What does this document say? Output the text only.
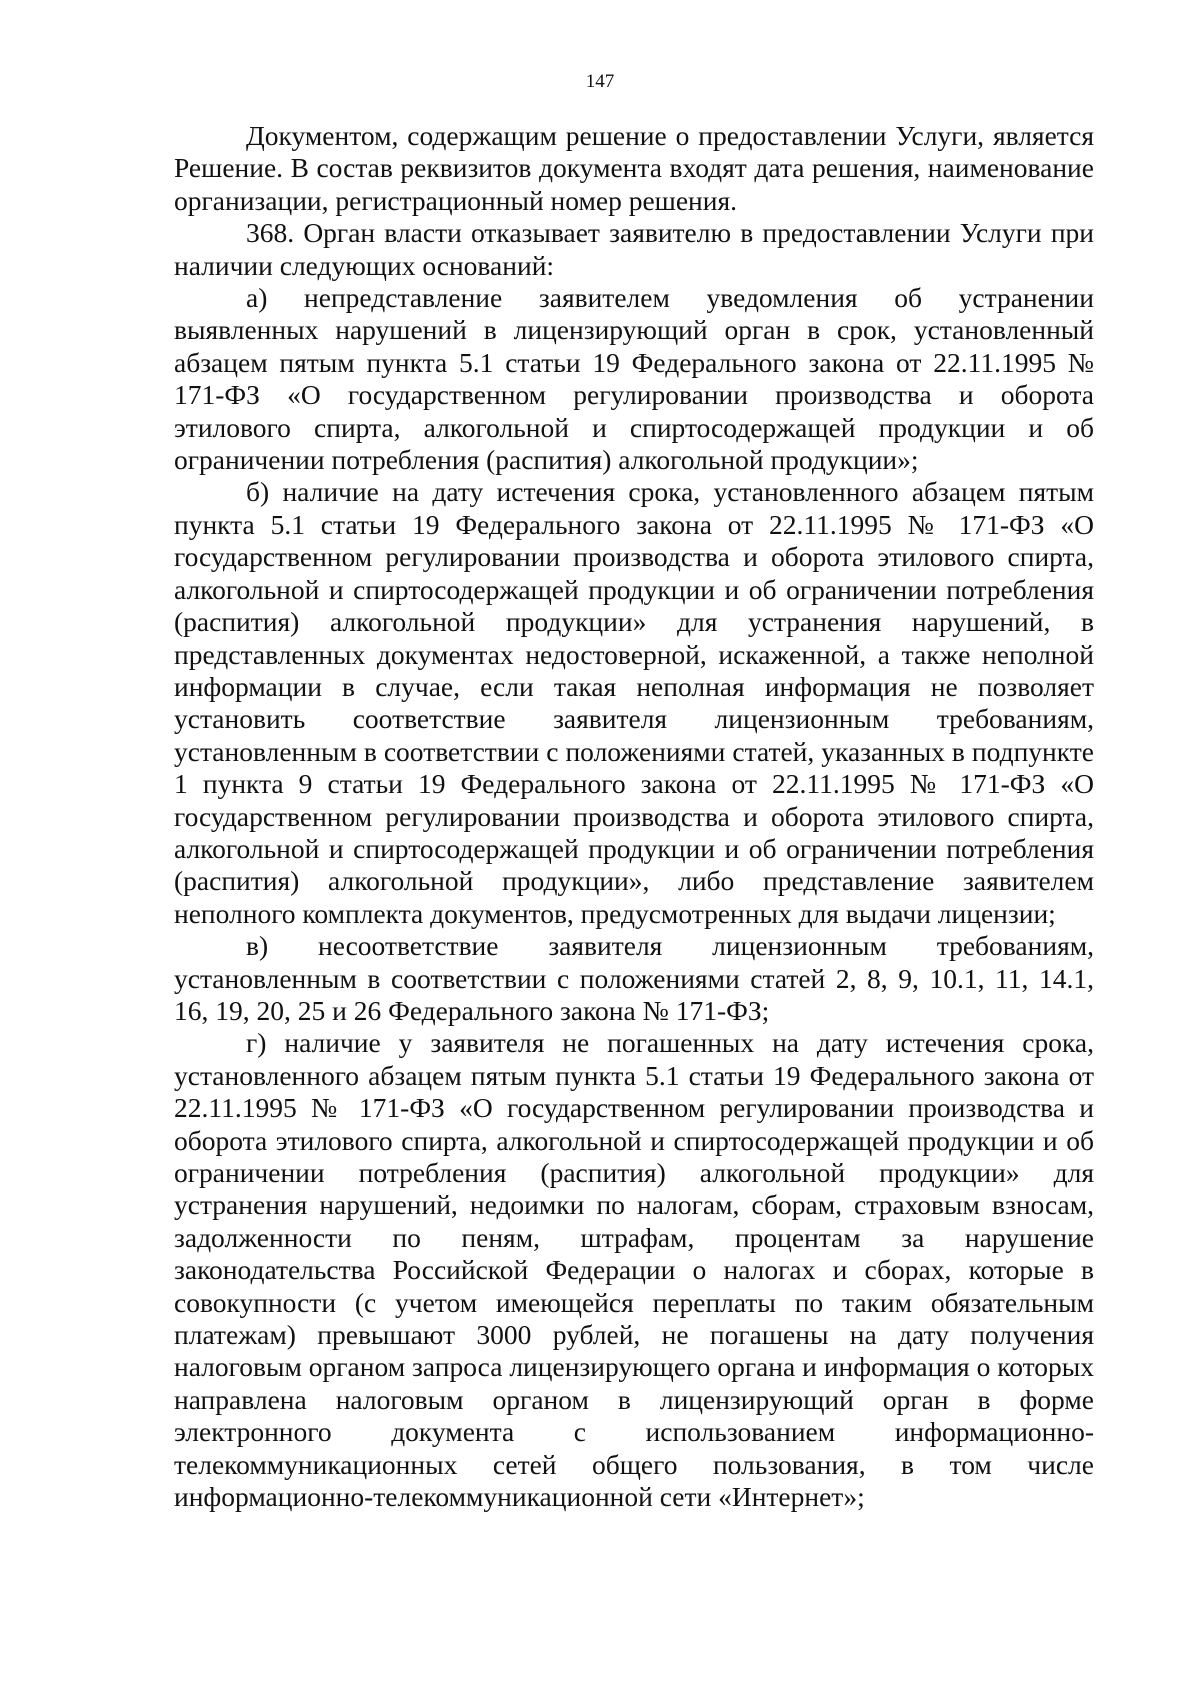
147

Документом, содержащим решение о предоставлении Услуги, является Решение. В состав реквизитов документа входят дата решения, наименование организации, регистрационный номер решения.

368. Орган власти отказывает заявителю в предоставлении Услуги при наличии следующих оснований:

а) непредставление заявителем уведомления об устранении выявленных нарушений в лицензирующий орган в срок, установленный абзацем пятым пункта 5.1 статьи 19 Федерального закона от 22.11.1995 № 171-ФЗ «О государственном регулировании производства и оборота этилового спирта, алкогольной и спиртосодержащей продукции и об ограничении потребления (распития) алкогольной продукции»;

б) наличие на дату истечения срока, установленного абзацем пятым пункта 5.1 статьи 19 Федерального закона от 22.11.1995 № 171-ФЗ «О государственном регулировании производства и оборота этилового спирта, алкогольной и спиртосодержащей продукции и об ограничении потребления (распития) алкогольной продукции» для устранения нарушений, в представленных документах недостоверной, искаженной, а также неполной информации в случае, если такая неполная информация не позволяет установить соответствие заявителя лицензионным требованиям, установленным в соответствии с положениями статей, указанных в подпункте 1 пункта 9 статьи 19 Федерального закона от 22.11.1995 № 171-ФЗ «О государственном регулировании производства и оборота этилового спирта, алкогольной и спиртосодержащей продукции и об ограничении потребления (распития) алкогольной продукции», либо представление заявителем неполного комплекта документов, предусмотренных для выдачи лицензии;

в) несоответствие заявителя лицензионным требованиям, установленным в соответствии с положениями статей 2, 8, 9, 10.1, 11, 14.1, 16, 19, 20, 25 и 26 Федерального закона № 171-ФЗ;

г) наличие у заявителя не погашенных на дату истечения срока, установленного абзацем пятым пункта 5.1 статьи 19 Федерального закона от 22.11.1995 № 171-ФЗ «О государственном регулировании производства и оборота этилового спирта, алкогольной и спиртосодержащей продукции и об ограничении потребления (распития) алкогольной продукции» для устранения нарушений, недоимки по налогам, сборам, страховым взносам, задолженности по пеням, штрафам, процентам за нарушение законодательства Российской Федерации о налогах и сборах, которые в совокупности (с учетом имеющейся переплаты по таким обязательным платежам) превышают 3000 рублей, не погашены на дату получения налоговым органом запроса лицензирующего органа и информация о которых направлена налоговым органом в лицензирующий орган в форме электронного документа с использованием информационно-телекоммуникационных сетей общего пользования, в том числе информационно-телекоммуникационной сети «Интернет»;
